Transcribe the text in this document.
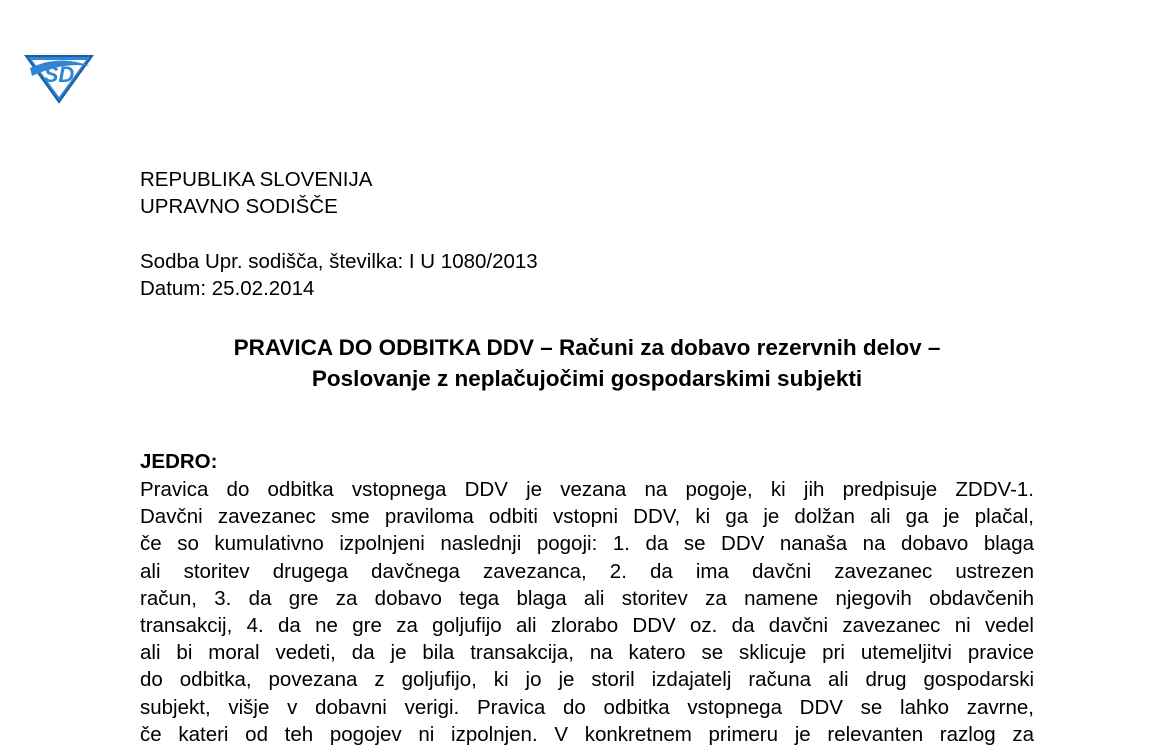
SD
REPUBLIKA SLOVENIJA
UPRAVNO SODIŠČE
Sodba Upr. sodišča, številka: I U 1080/2013
Datum: 25.02.2014
PRAVICA DO ODBITKA DDV – Računi za dobavo rezervnih delov –
Poslovanje z neplačujočimi gospodarskimi subjekti
JEDRO:
Pravica do odbitka vstopnega DDV je vezana na pogoje, ki jih predpisuje ZDDV-1.
Davčni zavezanec sme praviloma odbiti vstopni DDV, ki ga je dolžan ali ga je plačal,
če so kumulativno izpolnjeni naslednji pogoji: 1. da se DDV nanaša na dobavo blaga
ali storitev drugega davčnega zavezanca, 2. da ima davčni zavezanec ustrezen
račun, 3. da gre za dobavo tega blaga ali storitev za namene njegovih obdavčenih
transakcij, 4. da ne gre za goljufijo ali zlorabo DDV oz. da davčni zavezanec ni vedel
ali bi moral vedeti, da je bila transakcija, na katero se sklicuje pri utemeljitvi pravice
do odbitka, povezana z goljufijo, ki jo je storil izdajatelj računa ali drug gospodarski
subjekt, višje v dobavni verigi. Pravica do odbitka vstopnega DDV se lahko zavrne,
če kateri od teh pogojev ni izpolnjen. V konkretnem primeru je relevanten razlog za
